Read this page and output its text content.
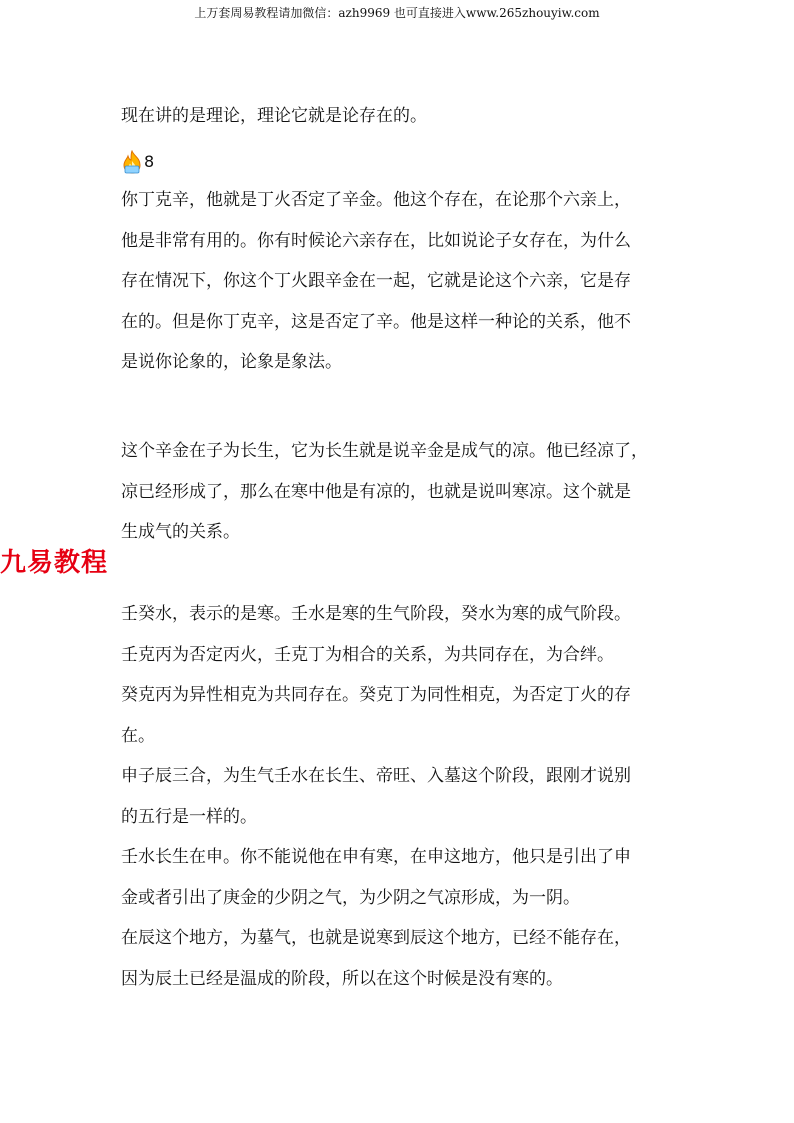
上万套周易教程请加微信：azh9969 也可直接进入www.265zhouyiw.com
九易教程
现在讲的是理论，理论它就是论存在的。
8
你丁克辛，他就是丁火否定了辛金。他这个存在，在论那个六亲上，
他是非常有用的。你有时候论六亲存在，比如说论子女存在，为什么
存在情况下，你这个丁火跟辛金在一起，它就是论这个六亲，它是存
在的。但是你丁克辛，这是否定了辛。他是这样一种论的关系，他不
是说你论象的，论象是象法。
这个辛金在子为长生，它为长生就是说辛金是成气的凉。他已经凉了，
凉已经形成了，那么在寒中他是有凉的，也就是说叫寒凉。这个就是
生成气的关系。
壬癸水，表示的是寒。壬水是寒的生气阶段，癸水为寒的成气阶段。
壬克丙为否定丙火，壬克丁为相合的关系，为共同存在，为合绊。
癸克丙为异性相克为共同存在。癸克丁为同性相克，为否定丁火的存
在。
申子辰三合，为生气壬水在长生、帝旺、入墓这个阶段，跟刚才说别
的五行是一样的。
壬水长生在申。你不能说他在申有寒，在申这地方，他只是引出了申
金或者引出了庚金的少阴之气，为少阴之气凉形成，为一阴。
在辰这个地方，为墓气，也就是说寒到辰这个地方，已经不能存在，
因为辰土已经是温成的阶段，所以在这个时候是没有寒的。
